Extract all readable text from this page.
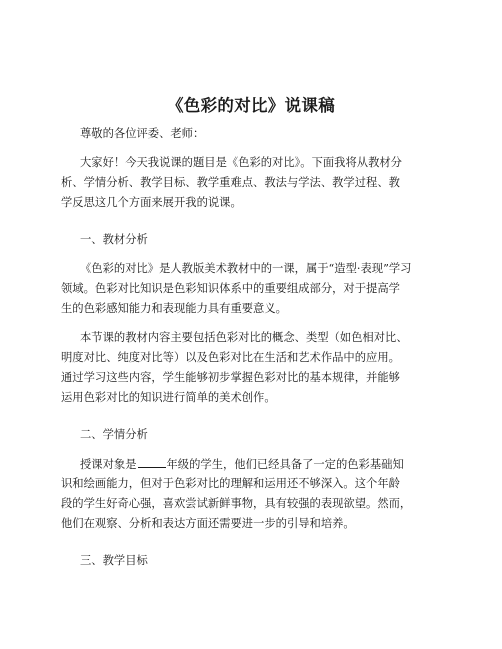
《色彩的对比》说课稿
尊敬的各位评委、老师：
大家好！今天我说课的题目是《色彩的对比》。下面我将从教材分
析、学情分析、教学目标、教学重难点、教法与学法、教学过程、教
学反思这几个方面来展开我的说课。
一、教材分析
《色彩的对比》是人教版美术教材中的一课，属于“造型·表现”学习
领域。色彩对比知识是色彩知识体系中的重要组成部分，对于提高学
生的色彩感知能力和表现能力具有重要意义。
本节课的教材内容主要包括色彩对比的概念、类型（如色相对比、
明度对比、纯度对比等）以及色彩对比在生活和艺术作品中的应用。
通过学习这些内容，学生能够初步掌握色彩对比的基本规律，并能够
运用色彩对比的知识进行简单的美术创作。
二、学情分析
授课对象是	年级的学生，他们已经具备了一定的色彩基础知
识和绘画能力，但对于色彩对比的理解和运用还不够深入。这个年龄
段的学生好奇心强，喜欢尝试新鲜事物，具有较强的表现欲望。然而，
他们在观察、分析和表达方面还需要进一步的引导和培养。
三、教学目标
